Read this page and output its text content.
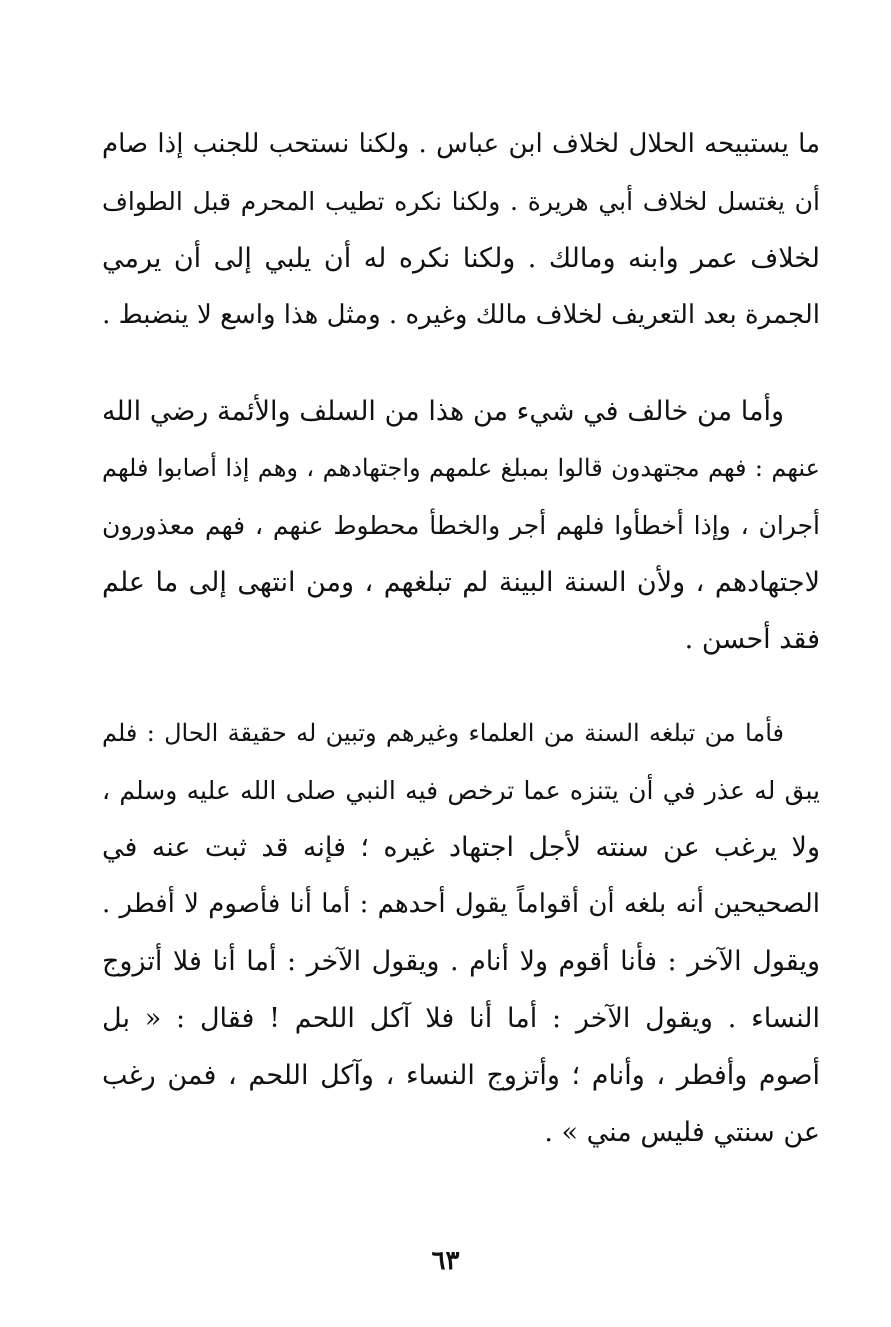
ما يستبيحه الحلال لخلاف ابن عباس . ولكنا نستحب للجنب إذا صام
أن يغتسل لخلاف أبي هريرة . ولكنا نكره تطيب المحرم قبل الطواف
لخلاف عمر وابنه ومالك . ولكنا نكره له أن يلبي إلى أن يرمي
الجمرة بعد التعريف لخلاف مالك وغيره . ومثل هذا واسع لا ينضبط .
وأما من خالف في شيء من هذا من السلف والأئمة رضي الله
عنهم : فهم مجتهدون قالوا بمبلغ علمهم واجتهادهم ، وهم إذا أصابوا فلهم
أجران ، وإذا أخطأوا فلهم أجر والخطأ محطوط عنهم ، فهم معذورون
لاجتهادهم ، ولأن السنة البينة لم تبلغهم ، ومن انتهى إلى ما علم
فقد أحسن .
فأما من تبلغه السنة من العلماء وغيرهم وتبين له حقيقة الحال : فلم
يبق له عذر في أن يتنزه عما ترخص فيه النبي صلى الله عليه وسلم ،
ولا يرغب عن سنته لأجل اجتهاد غيره ؛ فإنه قد ثبت عنه في
الصحيحين أنه بلغه أن أقواماً يقول أحدهم : أما أنا فأصوم لا أفطر .
ويقول الآخر : فأنا أقوم ولا أنام . ويقول الآخر : أما أنا فلا أتزوج
النساء . ويقول الآخر : أما أنا فلا آكل اللحم ! فقال : « بل
أصوم وأفطر ، وأنام ؛ وأتزوج النساء ، وآكل اللحم ، فمن رغب
عن سنتي فليس مني » .
٦٣
